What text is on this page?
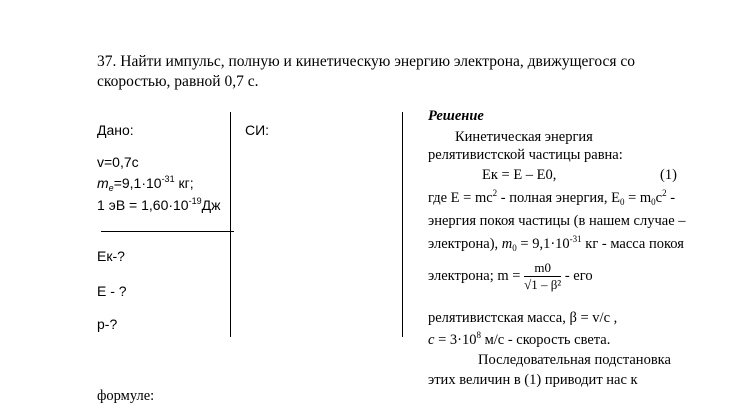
37. Найти импульс, полную и кинетическую энергию электрона, движущегося со
скоростью, равной 0,7 с.
Дано:	СИ:
v=0,7c
$m_e=9,1\cdot 10^{-31}$ кг;
1 эВ = $1,60\cdot 10^{-19}Дж$
Eк-?
E - ?
p-?
Решение
Кинетическая энергия
релятивистской частицы равна:
Eк = E – E0,	(1)
где $E = mc^2$ - полная энергия, $E_0 = m_0c^2$ -
энергия покоя частицы (в нашем случае –
электрона), $m_0 = 9,1\cdot 10^{-31}$ кг - масса покоя
электрона; $m = \frac{m0}{\text{√1 – β²}}$ - его
релятивистская масса, β = v/c ,
$c = 3\cdot 10^8$ м/с - скорость света.
Последовательная подстановка
этих величин в (1) приводит нас к
формуле:
